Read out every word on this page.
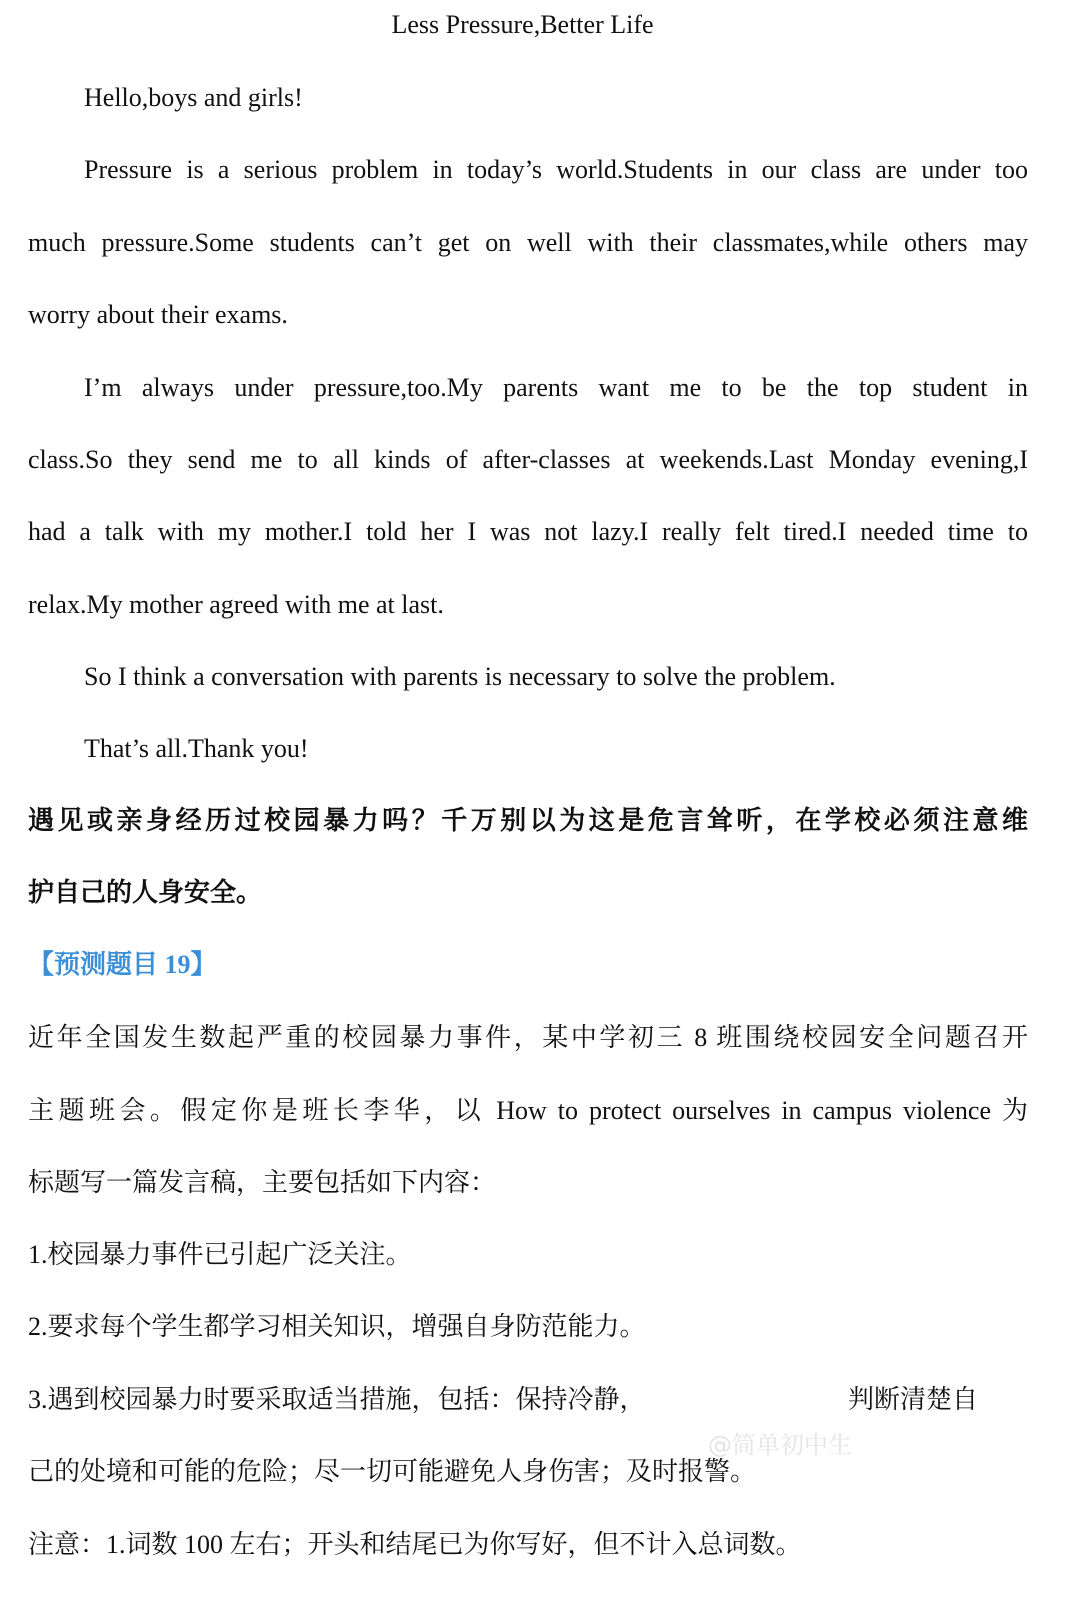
Less Pressure,Better Life
Hello,boys and girls!
Pressure is a serious problem in today’s world.Students in our class are under too
much pressure.Some students can’t get on well with their classmates,while others may
worry about their exams.
I’m always under pressure,too.My parents want me to be the top student in
class.So they send me to all kinds of after-classes at weekends.Last Monday evening,I
had a talk with my mother.I told her I was not lazy.I really felt tired.I needed time to
relax.My mother agreed with me at last.
So I think a conversation with parents is necessary to solve the problem.
That’s all.Thank you!
遇见或亲身经历过校园暴力吗？千万别以为这是危言耸听，在学校必须注意维
护自己的人身安全。
【预测题目 19】
近年全国发生数起严重的校园暴力事件，某中学初三 8 班围绕校园安全问题召开
主题班会。假定你是班长李华，以 How to protect ourselves in campus violence 为
标题写一篇发言稿，主要包括如下内容：
1.校园暴力事件已引起广泛关注。
2.要求每个学生都学习相关知识，增强自身防范能力。
3.遇到校园暴力时要采取适当措施，包括：保持冷静，	判断清楚自
@简单初中生
己的处境和可能的危险；尽一切可能避免人身伤害；及时报警。
注意：1.词数 100 左右；开头和结尾已为你写好，但不计入总词数。
